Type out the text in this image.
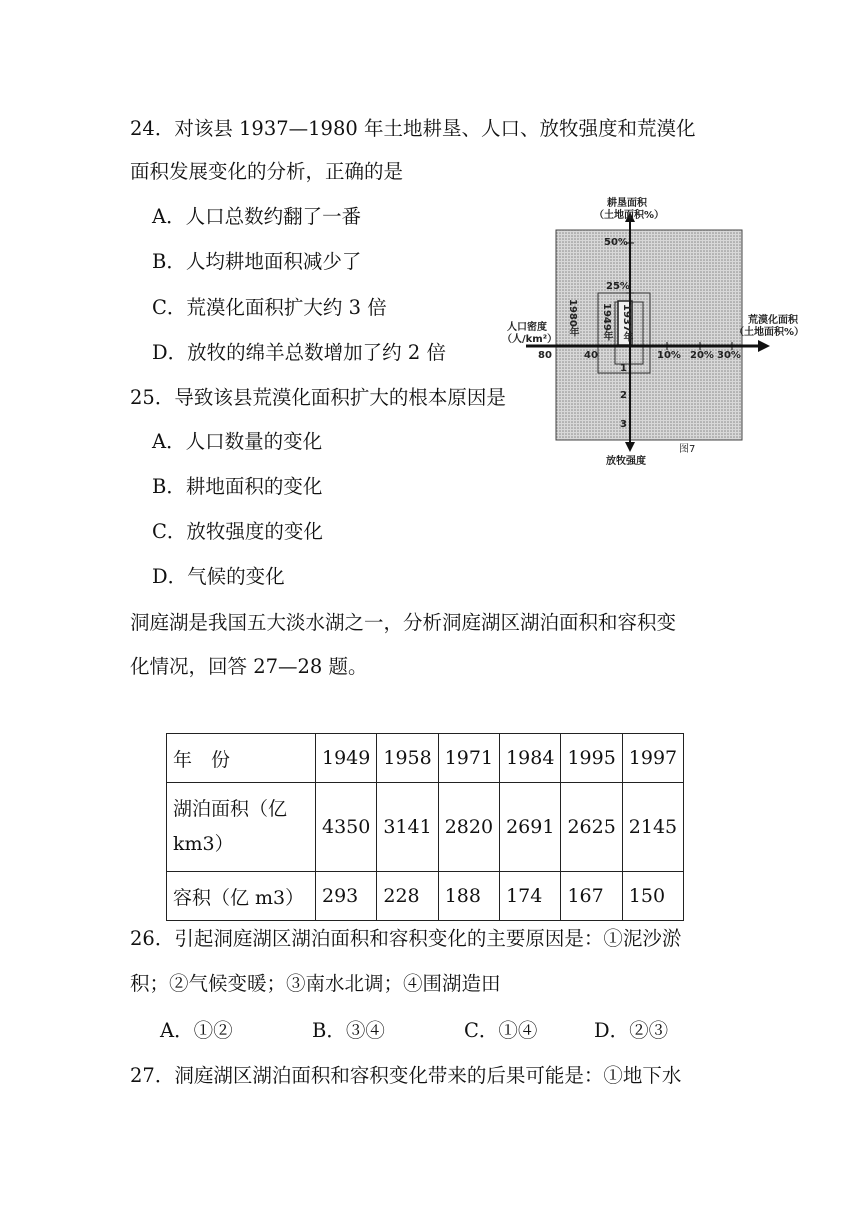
24．对该县 1937—1980 年土地耕垦、人口、放牧强度和荒漠化
面积发展变化的分析，正确的是
A．人口总数约翻了一番
B．人均耕地面积减少了
C．荒漠化面积扩大约 3 倍
D．放牧的绵羊总数增加了约 2 倍
25．导致该县荒漠化面积扩大的根本原因是
A．人口数量的变化
B．耕地面积的变化
C．放牧强度的变化
D．气候的变化
耕垦面积
（土地面积%）
荒漠化面积
（土地面积%）
人口密度
（人/km²）
放牧强度
图7
50%
25%
10% 20% 30%
80	40
1
2
3
1980年 1949年 1937年
洞庭湖是我国五大淡水湖之一，分析洞庭湖区湖泊面积和容积变
化情况，回答 27—28 题。
年　份	1949	1958	1971	1984	1995	1997
湖泊面积（亿km3）	4350	3141	2820	2691	2625	2145
容积（亿 m3）	293	228	188	174	167	150
26．引起洞庭湖区湖泊面积和容积变化的主要原因是：①泥沙淤
积；②气候变暖；③南水北调；④围湖造田
A．①②	B．③④	C．①④	D．②③
27．洞庭湖区湖泊面积和容积变化带来的后果可能是：①地下水
